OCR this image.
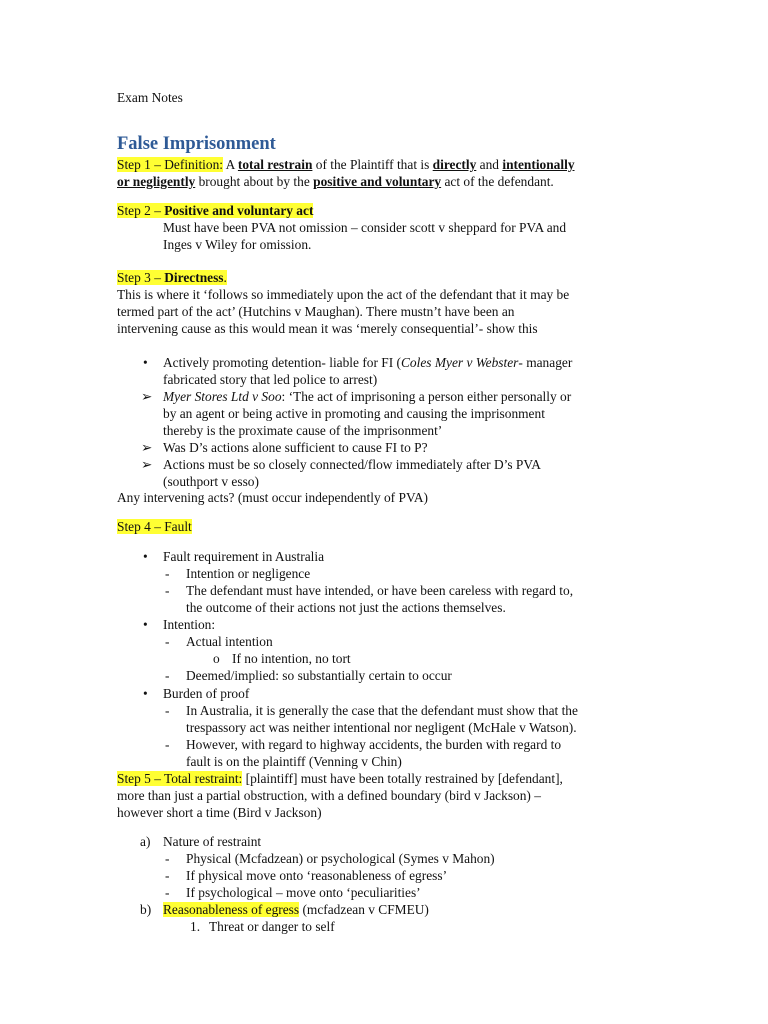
Exam Notes
False Imprisonment
Step 1 – Definition: A total restrain of the Plaintiff that is directly and intentionally
or negligently brought about by the positive and voluntary act of the defendant.
Step 2 – Positive and voluntary act
Must have been PVA not omission – consider scott v sheppard for PVA and
Inges v Wiley for omission.
Step 3 – Directness.
This is where it ‘follows so immediately upon the act of the defendant that it may be
termed part of the act’ (Hutchins v Maughan). There mustn’t have been an
intervening cause as this would mean it was ‘merely consequential’- show this
• Actively promoting detention- liable for FI (Coles Myer v Webster- manager
fabricated story that led police to arrest)
➢ Myer Stores Ltd v Soo: ‘The act of imprisoning a person either personally or
by an agent or being active in promoting and causing the imprisonment
thereby is the proximate cause of the imprisonment’
➢ Was D’s actions alone sufficient to cause FI to P?
➢ Actions must be so closely connected/flow immediately after D’s PVA
(southport v esso)
Any intervening acts? (must occur independently of PVA)
Step 4 – Fault
• Fault requirement in Australia
- Intention or negligence
- The defendant must have intended, or have been careless with regard to,
the outcome of their actions not just the actions themselves.
• Intention:
- Actual intention
o If no intention, no tort
- Deemed/implied: so substantially certain to occur
• Burden of proof
- In Australia, it is generally the case that the defendant must show that the
trespassory act was neither intentional nor negligent (McHale v Watson).
- However, with regard to highway accidents, the burden with regard to
fault is on the plaintiff (Venning v Chin)
Step 5 – Total restraint: [plaintiff] must have been totally restrained by [defendant],
more than just a partial obstruction, with a defined boundary (bird v Jackson) –
however short a time (Bird v Jackson)
a) Nature of restraint
- Physical (Mcfadzean) or psychological (Symes v Mahon)
- If physical move onto ‘reasonableness of egress’
- If psychological – move onto ‘peculiarities’
b) Reasonableness of egress (mcfadzean v CFMEU)
1. Threat or danger to self
